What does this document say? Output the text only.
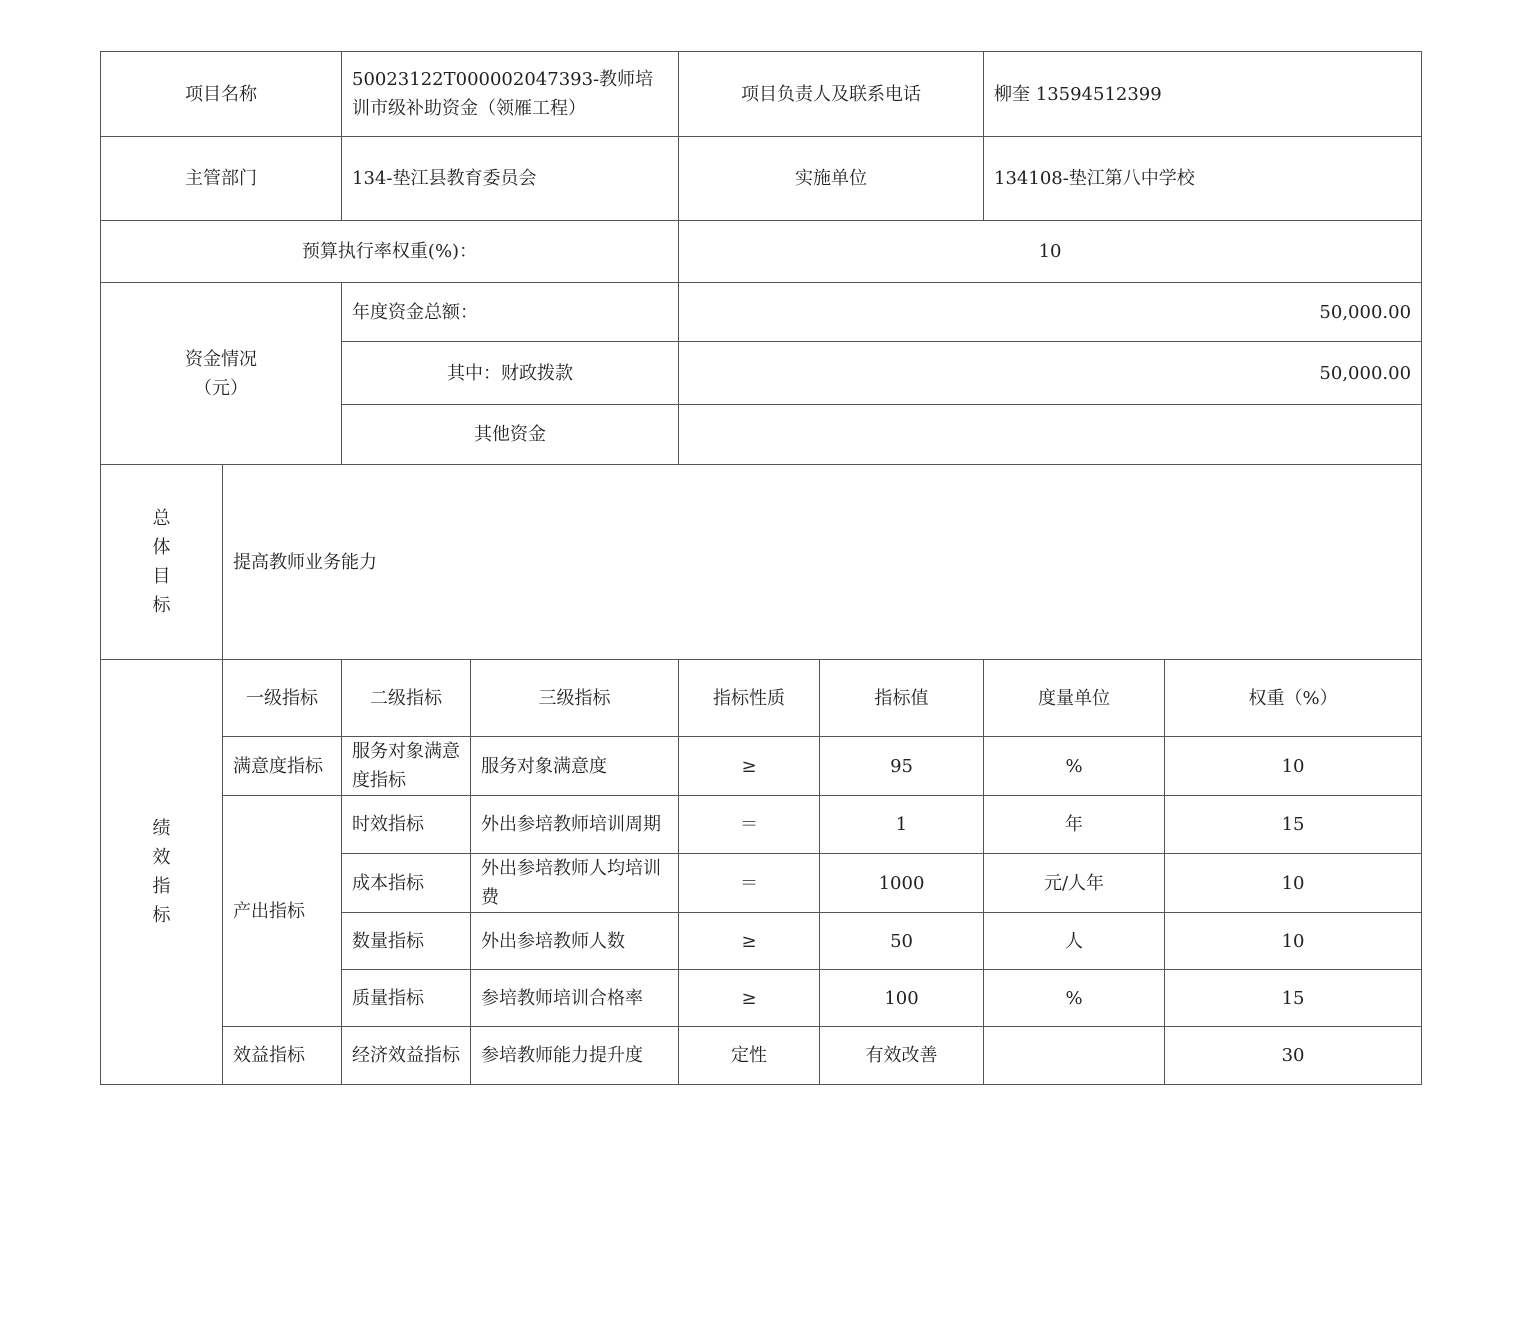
项目名称		50023122T000002047393-教师培训市级补助资金（领雁工程）		项目负责人及联系电话		柳奎 13594512399	
主管部门		134-垫江县教育委员会		实施单位		134108-垫江第八中学校	
预算执行率权重(%)：				10			

资金情况
（元）		年度资金总额：		50,000.00			
		其中：财政拨款		50,000.00			
		其他资金					

总
体
目
标	提高教师业务能力						

绩
效
指
标	一级指标	二级指标	三级指标	指标性质	指标值	度量单位	权重（%）
	满意度指标	服务对象满意度指标	服务对象满意度	≥	95	%	10
	产出指标	时效指标	外出参培教师培训周期	＝	1	年	15
		成本指标	外出参培教师人均培训费	＝	1000	元/人年	10
		数量指标	外出参培教师人数	≥	50	人	10
		质量指标	参培教师培训合格率	≥	100	%	15
	效益指标	经济效益指标	参培教师能力提升度	定性	有效改善		30
